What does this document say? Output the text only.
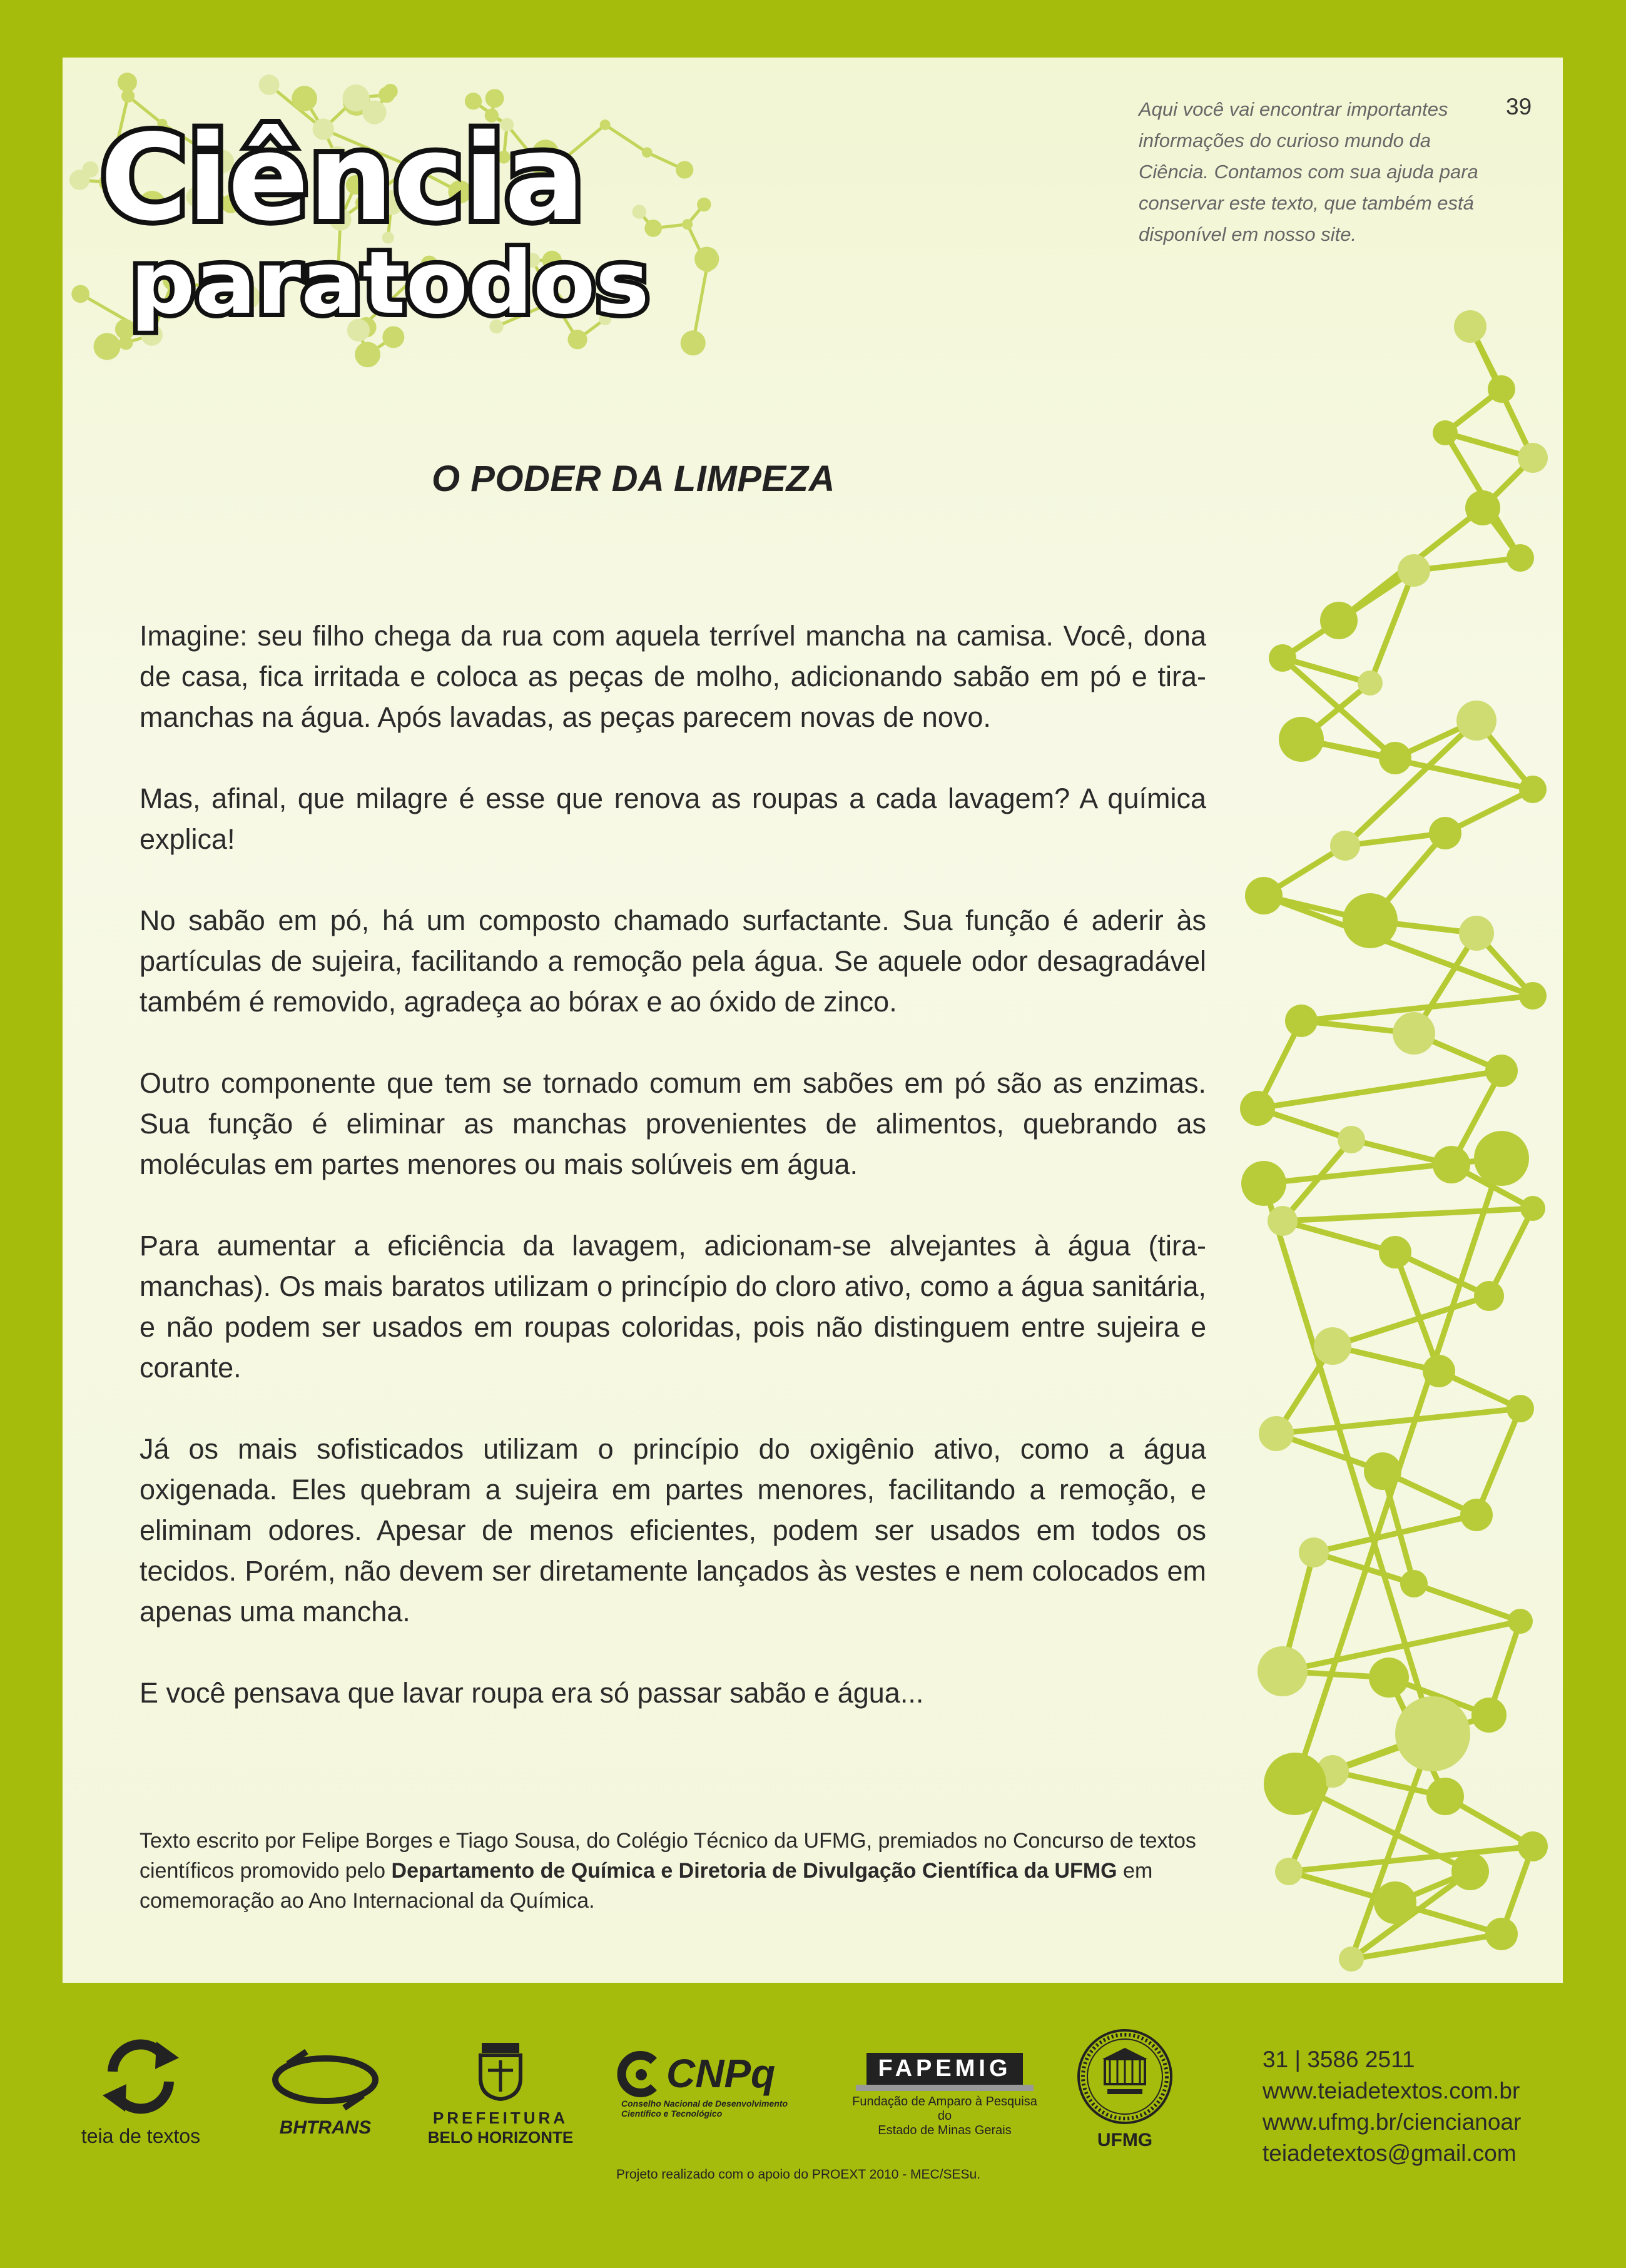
Ciência
paratodos
Aqui você vai encontrar importantes informações do curioso mundo da Ciência. Contamos com sua ajuda para conservar este texto, que também está disponível em nosso site.
39
O PODER DA LIMPEZA

Imagine: seu filho chega da rua com aquela terrível mancha na camisa. Você, dona de casa, fica irritada e coloca as peças de molho, adicionando sabão em pó e tira-manchas na água. Após lavadas, as peças parecem novas de novo.

Mas, afinal, que milagre é esse que renova as roupas a cada lavagem? A química explica!

No sabão em pó, há um composto chamado surfactante. Sua função é aderir às partículas de sujeira, facilitando a remoção pela água. Se aquele odor desagradável também é removido, agradeça ao bórax e ao óxido de zinco.

Outro componente que tem se tornado comum em sabões em pó são as enzimas. Sua função é eliminar as manchas provenientes de alimentos, quebrando as moléculas em partes menores ou mais solúveis em água.

Para aumentar a eficiência da lavagem, adicionam-se alvejantes à água (tira-manchas). Os mais baratos utilizam o princípio do cloro ativo, como a água sanitária, e não podem ser usados em roupas coloridas, pois não distinguem entre sujeira e corante.

Já os mais sofisticados utilizam o princípio do oxigênio ativo, como a água oxigenada. Eles quebram a sujeira em partes menores, facilitando a remoção, e eliminam odores. Apesar de menos eficientes, podem ser usados em todos os tecidos. Porém, não devem ser diretamente lançados às vestes e nem colocados em apenas uma mancha.

E você pensava que lavar roupa era só passar sabão e água...

Texto escrito por Felipe Borges e Tiago Sousa, do Colégio Técnico da UFMG, premiados no Concurso de textos científicos promovido pelo Departamento de Química e Diretoria de Divulgação Científica da UFMG em comemoração ao Ano Internacional da Química.
teia de textos	BHTRANS	PREFEITURA
BELO HORIZONTE
CNPq
Conselho Nacional de Desenvolvimento
Científico e Tecnológico
FAPEMIG
Fundação de Amparo à Pesquisa do
Estado de Minas Gerais
Projeto realizado com o apoio do PROEXT 2010 - MEC/SESu.
UFMG
31 | 3586 2511
www.teiadetextos.com.br
www.ufmg.br/ciencianoar
teiadetextos@gmail.com
